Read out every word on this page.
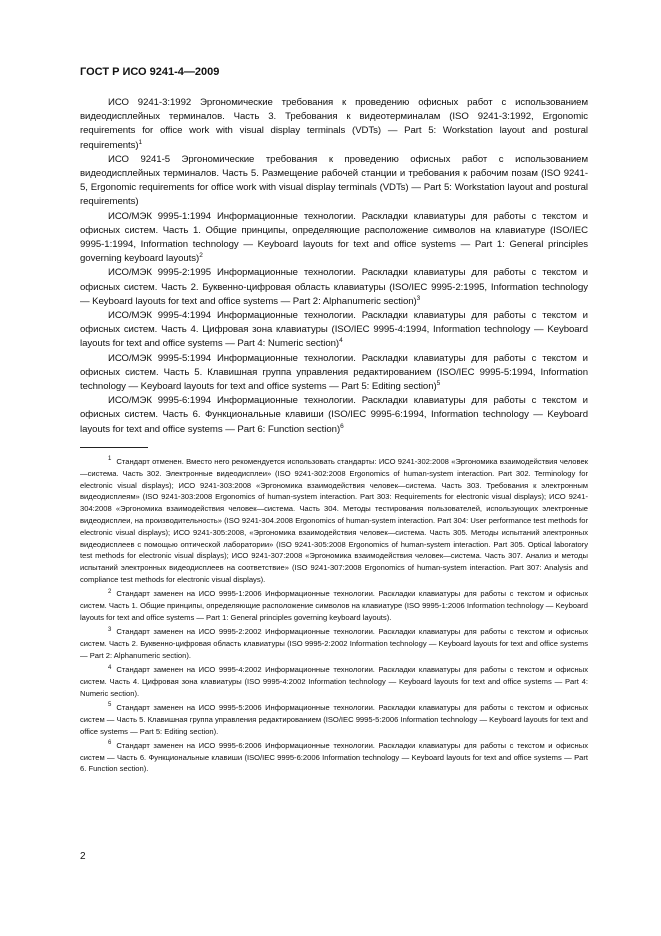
ГОСТ Р ИСО 9241-4—2009

ИСО 9241-3:1992 Эргономические требования к проведению офисных работ с использованием видеодисплейных терминалов. Часть 3. Требования к видеотерминалам (ISO 9241-3:1992, Ergonomic requirements for office work with visual display terminals (VDTs) — Part 5: Workstation layout and postural requirements)$^1$

ИСО 9241-5 Эргономические требования к проведению офисных работ с использованием видеодисплейных терминалов. Часть 5. Размещение рабочей станции и требования к рабочим позам (ISO 9241-5, Ergonomic requirements for office work with visual display terminals (VDTs) — Part 5: Workstation layout and postural requirements)

ИСО/МЭК 9995-1:1994 Информационные технологии. Раскладки клавиатуры для работы с текстом и офисных систем. Часть 1. Общие принципы, определяющие расположение символов на клавиатуре (ISO/IEC 9995-1:1994, Information technology — Keyboard layouts for text and office systems — Part 1: General principles governing keyboard layouts)$^2$

ИСО/МЭК 9995-2:1995 Информационные технологии. Раскладки клавиатуры для работы с текстом и офисных систем. Часть 2. Буквенно-цифровая область клавиатуры (ISO/IEC 9995-2:1995, Information technology — Keyboard layouts for text and office systems — Part 2: Alphanumeric section)$^3$

ИСО/МЭК 9995-4:1994 Информационные технологии. Раскладки клавиатуры для работы с текстом и офисных систем. Часть 4. Цифровая зона клавиатуры (ISO/IEC 9995-4:1994, Information technology — Keyboard layouts for text and office systems — Part 4: Numeric section)$^4$

ИСО/МЭК 9995-5:1994 Информационные технологии. Раскладки клавиатуры для работы с текстом и офисных систем. Часть 5. Клавишная группа управления редактированием (ISO/IEC 9995-5:1994, Information technology — Keyboard layouts for text and office systems — Part 5: Editing section)$^5$

ИСО/МЭК 9995-6:1994 Информационные технологии. Раскладки клавиатуры для работы с текстом и офисных систем. Часть 6. Функциональные клавиши (ISO/IEC 9995-6:1994, Information technology — Keyboard layouts for text and office systems — Part 6: Function section)$^6$

$^1$ Стандарт отменен. Вместо него рекомендуется использовать стандарты: ИСО 9241-302:2008 «Эргономика взаимодействия человек—система. Часть 302. Электронные видеодисплеи» (ISO 9241-302:2008 Ergonomics of human-system interaction. Part 302. Terminology for electronic visual displays); ИСО 9241-303:2008 «Эргономика взаимодействия человек—система. Часть 303. Требования к электронным видеодисплеям» (ISO 9241-303:2008 Ergonomics of human-system interaction. Part 303: Requirements for electronic visual displays); ИСО 9241-304:2008 «Эргономика взаимодействия человек—система. Часть 304. Методы тестирования пользователей, использующих электронные видеодисплеи, на производительность» (ISO 9241-304.2008 Ergonomics of human-system interaction. Part 304: User performance test methods for electronic visual displays); ИСО 9241-305:2008, «Эргономика взаимодействия человек—система. Часть 305. Методы испытаний электронных видеодисплеев с помощью оптической лаборатории» (ISO 9241-305:2008 Ergonomics of human-system interaction. Part 305. Optical laboratory test methods for electronic visual displays); ИСО 9241-307:2008 «Эргономика взаимодействия человек—система. Часть 307. Анализ и методы испытаний электронных видеодисплеев на соответствие» (ISO 9241-307:2008 Ergonomics of human-system interaction. Part 307: Analysis and compliance test methods for electronic visual displays).

$^2$ Стандарт заменен на ИСО 9995-1:2006 Информационные технологии. Раскладки клавиатуры для работы с текстом и офисных систем. Часть 1. Общие принципы, определяющие расположение символов на клавиатуре (ISO 9995-1:2006 Information technology — Keyboard layouts for text and office systems — Part 1: General principles governing keyboard layouts).

$^3$ Стандарт заменен на ИСО 9995-2:2002 Информационные технологии. Раскладки клавиатуры для работы с текстом и офисных систем. Часть 2. Буквенно-цифровая область клавиатуры (ISO 9995-2:2002 Information technology — Keyboard layouts for text and office systems — Part 2: Alphanumeric section).

$^4$ Стандарт заменен на ИСО 9995-4:2002 Информационные технологии. Раскладки клавиатуры для работы с текстом и офисных систем. Часть 4. Цифровая зона клавиатуры (ISO 9995-4:2002 Information technology — Keyboard layouts for text and office systems — Part 4: Numeric section).

$^5$ Стандарт заменен на ИСО 9995-5:2006 Информационные технологии. Раскладки клавиатуры для работы с текстом и офисных систем — Часть 5. Клавишная группа управления редактированием (ISO/IEC 9995-5:2006 Information technology — Keyboard layouts for text and office systems — Part 5: Editing section).

$^6$ Стандарт заменен на ИСО 9995-6:2006 Информационные технологии. Раскладки клавиатуры для работы с текстом и офисных систем — Часть 6. Функциональные клавиши (ISO/IEC 9995-6:2006 Information technology — Keyboard layouts for text and office systems — Part 6. Function section).

2
